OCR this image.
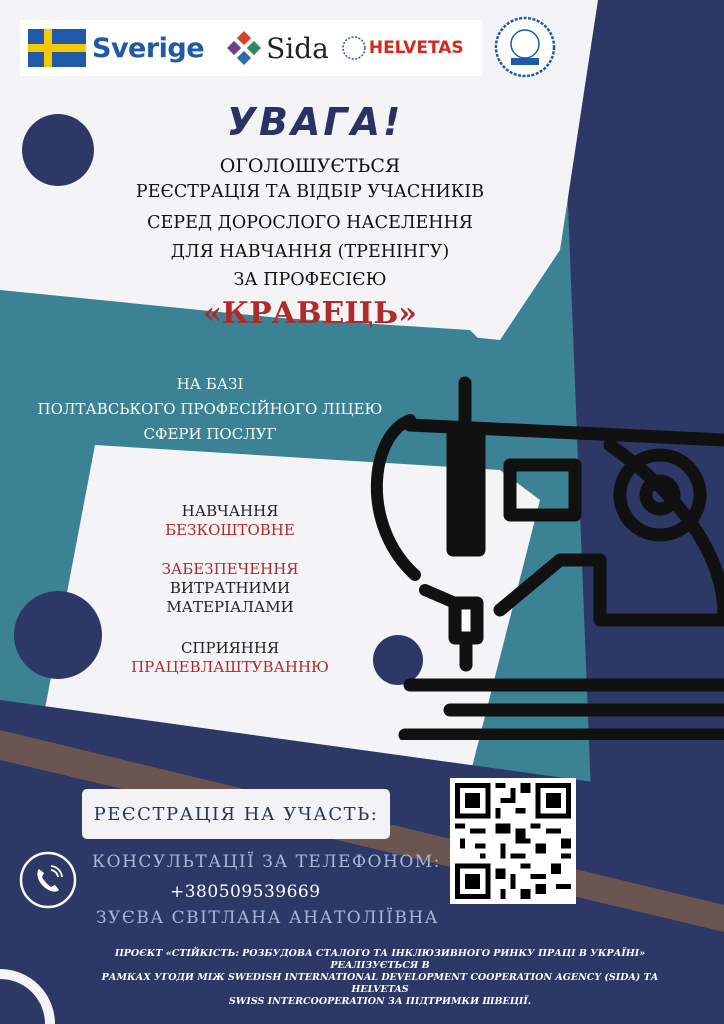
Sverige Sida HELVETAS
УВАГА!
ОГОЛОШУЄТЬСЯ
РЕЄСТРАЦІЯ ТА ВІДБІР УЧАСНИКІВ
СЕРЕД ДОРОСЛОГО НАСЕЛЕННЯ
ДЛЯ НАВЧАННЯ (ТРЕНІНГУ)
ЗА ПРОФЕСІЄЮ
«КРАВЕЦЬ»
НА БАЗІ
ПОЛТАВСЬКОГО ПРОФЕСІЙНОГО ЛІЦЕЮ
СФЕРИ ПОСЛУГ
НАВЧАННЯ
БЕЗКОШТОВНЕ
ЗАБЕЗПЕЧЕННЯ
ВИТРАТНИМИ
МАТЕРІАЛАМИ
СПРИЯННЯ
ПРАЦЕВЛАШТУВАННЮ
РЕЄСТРАЦІЯ НА УЧАСТЬ:
КОНСУЛЬТАЦІЇ ЗА ТЕЛЕФОНОМ:
+380509539669
ЗУЄВА СВІТЛАНА АНАТОЛІЇВНА
ПРОЄКТ «СТІЙКІСТЬ: РОЗБУДОВА СТАЛОГО ТА ІНКЛЮЗИВНОГО РИНКУ ПРАЦІ В УКРАЇНІ» РЕАЛІЗУЄТЬСЯ В
РАМКАХ УГОДИ МІЖ SWEDISH INTERNATIONAL DEVELOPMENT COOPERATION AGENCY (SIDA) ТА HELVETAS
SWISS INTERCOOPERATION ЗА ПІДТРИМКИ ШВЕЦІЇ.
